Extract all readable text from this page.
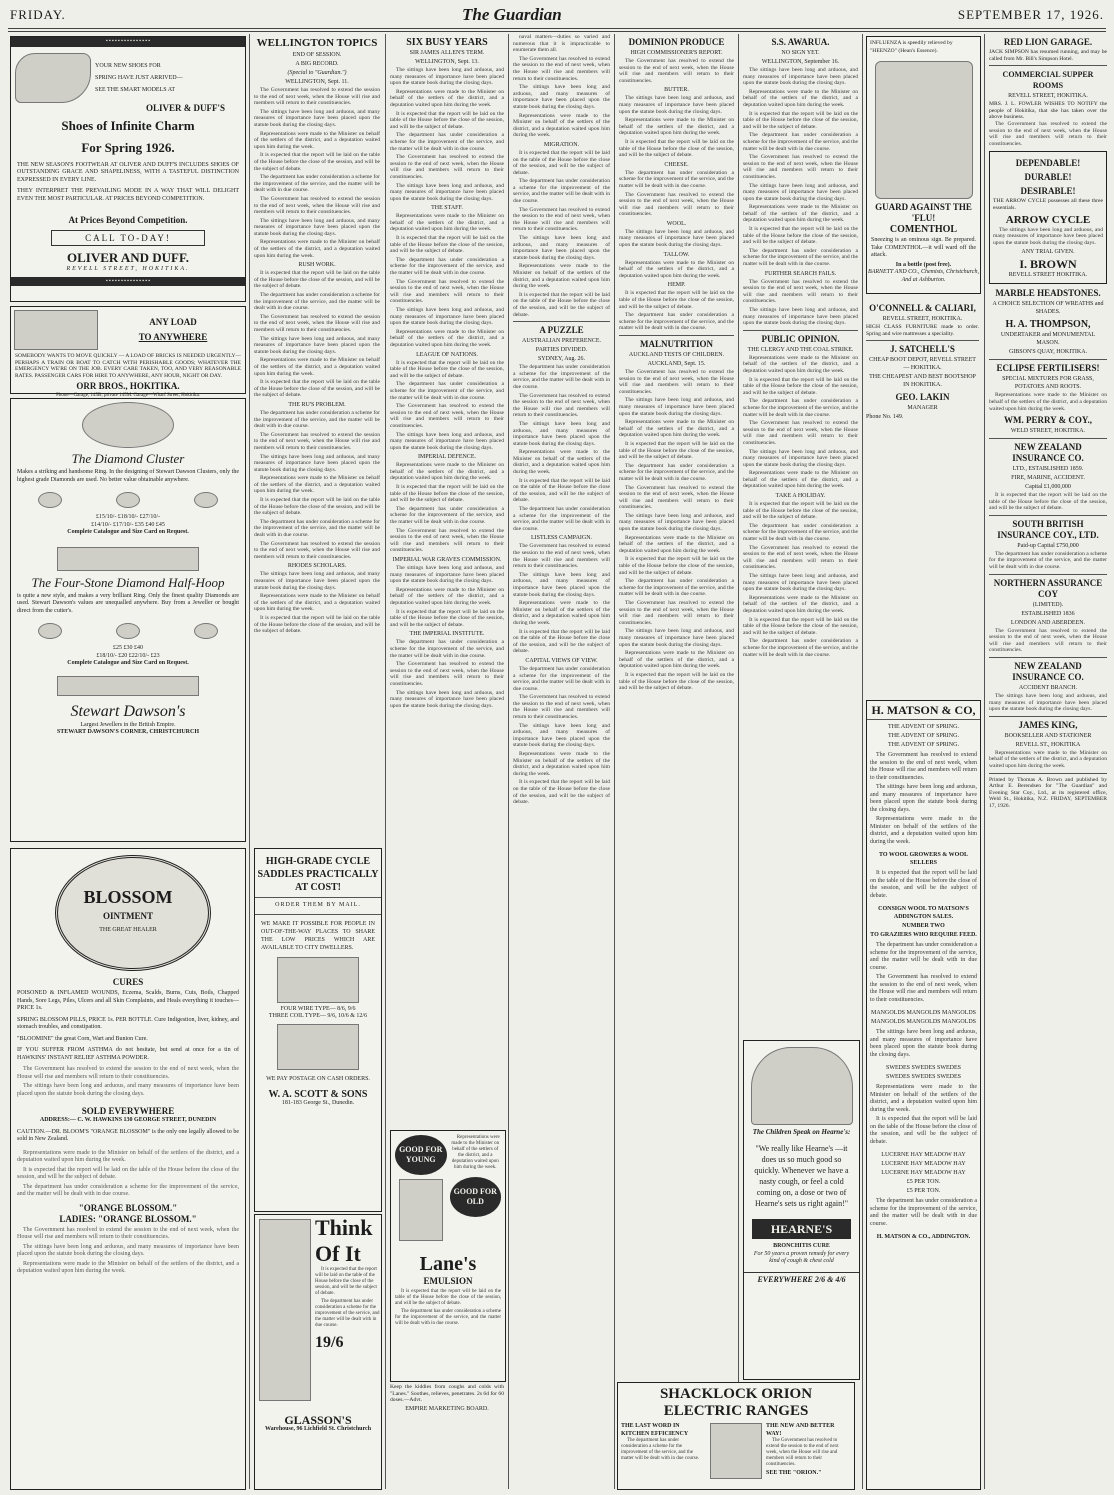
FRIDAY.	The Guardian	SEPTEMBER 17, 1926.
▪ ▪ ▪ ▪ ▪ ▪ ▪ ▪ ▪ ▪ ▪ ▪ ▪ ▪ ▪
YOUR NEW SHOES FOR
SPRING HAVE JUST ARRIVED—
SEE THE SMART MODELS AT
OLIVER & DUFF'S
Shoes of Infinite Charm
For Spring 1926.
THE NEW SEASON'S FOOTWEAR AT OLIVER AND DUFF'S INCLUDES SHOES OF OUTSTANDING GRACE AND SHAPELINESS, WITH A TASTEFUL DISTINCTION EXPRESSED IN EVERY LINE.
THEY INTERPRET THE PREVAILING MODE IN A WAY THAT WILL DELIGHT EVEN THE MOST PARTICULAR. AT PRICES BEYOND COMPETITION.
At Prices Beyond Competition.
CALL TO-DAY!
OLIVER AND DUFF.
REVELL STREET, HOKITIKA.
▪ ▪ ▪ ▪ ▪ ▪ ▪ ▪ ▪ ▪ ▪ ▪ ▪ ▪ ▪
ANY LOAD
TO ANYWHERE
SOMEBODY WANTS TO MOVE QUICKLY — A LOAD OF BRICKS IS NEEDED URGENTLY—PERHAPS A TRAIN OR BOAT TO CATCH WITH PERISHABLE GOODS; WHATEVER THE EMERGENCY WE'RE ON THE JOB. EVERY CARE TAKEN, TOO, AND VERY REASONABLE RATES. PASSENGER CARS FOR HIRE TO ANYWHERE, ANY HOUR, NIGHT OR DAY.
ORR BROS., HOKITIKA.
Phone—Garage, 145B; private 145M. Garage—Wharf Street, Hokitika.
The Diamond Cluster
Makes a striking and handsome Ring. In the designing of Stewart Dawson Clusters, only the highest grade Diamonds are used. No better value obtainable anywhere.
£15/10/- £18/10/- £27/10/-
£14/10/- £17/10/- £35 £40 £45
Complete Catalogue and Size Card on Request.
The Four-Stone Diamond Half-Hoop
is quite a new style, and makes a very brilliant Ring. Only the finest quality Diamonds are used. Stewart Dawson's values are unequalled anywhere. Buy from a Jeweller or bought direct from the cutter's.
£25 £30 £40
£18/10/- £20 £22/10/- £23
Complete Catalogue and Size Card on Request.
Stewart Dawson's
Largest Jewellers in the British Empire.
STEWART DAWSON'S CORNER, CHRISTCHURCH
BLOSSOM
OINTMENT
THE GREAT HEALER
CURES
POISONED & INFLAMED WOUNDS, Eczema, Scalds, Burns, Cuts, Boils, Chapped Hands, Sore Legs, Piles, Ulcers and all Skin Complaints, and Heals everything it touches—PRICE 1s.
SPRING BLOSSOM PILLS, PRICE 1s. PER BOTTLE. Cure Indigestion, liver, kidney, and stomach troubles, and constipation.
"BLOOMINE" the great Corn, Wart and Bunion Cure.
IF YOU SUFFER FROM ASTHMA do not hesitate, but send at once for a tin of HAWKINS' INSTANT RELIEF ASTHMA POWDER.

The Government has resolved to extend the session to the end of next week, when the House will rise and members will return to their constituencies.

The sittings have been long and arduous, and many measures of importance have been placed upon the statute book during the closing days.

SOLD EVERYWHERE
ADDRESS:— C. W. HAWKINS 130 GEORGE STREET, DUNEDIN
CAUTION.—DR. BLOOM'S "ORANGE BLOSSOM" is the only one legally allowed to be sold in New Zealand.

Representations were made to the Minister on behalf of the settlers of the district, and a deputation waited upon him during the week.

It is expected that the report will be laid on the table of the House before the close of the session, and will be the subject of debate.

The department has under consideration a scheme for the improvement of the service, and the matter will be dealt with in due course.

"ORANGE BLOSSOM."
LADIES: "ORANGE BLOSSOM."

The Government has resolved to extend the session to the end of next week, when the House will rise and members will return to their constituencies.

The sittings have been long and arduous, and many measures of importance have been placed upon the statute book during the closing days.

Representations were made to the Minister on behalf of the settlers of the district, and a deputation waited upon him during the week.

WELLINGTON TOPICS
END OF SESSION.
A BIG RECORD.
(Special to "Guardian.")
WELLINGTON, Sept. 11.

The Government has resolved to extend the session to the end of next week, when the House will rise and members will return to their constituencies.

The sittings have been long and arduous, and many measures of importance have been placed upon the statute book during the closing days.

Representations were made to the Minister on behalf of the settlers of the district, and a deputation waited upon him during the week.

It is expected that the report will be laid on the table of the House before the close of the session, and will be the subject of debate.

The department has under consideration a scheme for the improvement of the service, and the matter will be dealt with in due course.

The Government has resolved to extend the session to the end of next week, when the House will rise and members will return to their constituencies.

The sittings have been long and arduous, and many measures of importance have been placed upon the statute book during the closing days.

Representations were made to the Minister on behalf of the settlers of the district, and a deputation waited upon him during the week.

RUSH WORK.

It is expected that the report will be laid on the table of the House before the close of the session, and will be the subject of debate.

The department has under consideration a scheme for the improvement of the service, and the matter will be dealt with in due course.

The Government has resolved to extend the session to the end of next week, when the House will rise and members will return to their constituencies.

The sittings have been long and arduous, and many measures of importance have been placed upon the statute book during the closing days.

Representations were made to the Minister on behalf of the settlers of the district, and a deputation waited upon him during the week.

It is expected that the report will be laid on the table of the House before the close of the session, and will be the subject of debate.

THE RU'S PROBLEM.

The department has under consideration a scheme for the improvement of the service, and the matter will be dealt with in due course.

The Government has resolved to extend the session to the end of next week, when the House will rise and members will return to their constituencies.

The sittings have been long and arduous, and many measures of importance have been placed upon the statute book during the closing days.

Representations were made to the Minister on behalf of the settlers of the district, and a deputation waited upon him during the week.

It is expected that the report will be laid on the table of the House before the close of the session, and will be the subject of debate.

The department has under consideration a scheme for the improvement of the service, and the matter will be dealt with in due course.

The Government has resolved to extend the session to the end of next week, when the House will rise and members will return to their constituencies.

RHODES SCHOLARS.

The sittings have been long and arduous, and many measures of importance have been placed upon the statute book during the closing days.

Representations were made to the Minister on behalf of the settlers of the district, and a deputation waited upon him during the week.

It is expected that the report will be laid on the table of the House before the close of the session, and will be the subject of debate.

HIGH-GRADE CYCLE SADDLES PRACTICALLY AT COST!
ORDER THEM BY MAIL.
WE MAKE IT POSSIBLE FOR PEOPLE IN OUT-OF-THE-WAY PLACES TO SHARE THE LOW PRICES WHICH ARE AVAILABLE TO CITY DWELLERS.
FOUR WIRE TYPE— 8/6, 9/6
THREE COIL TYPE— 9/6, 10/6 & 12/6
WE PAY POSTAGE ON CASH ORDERS.
W. A. SCOTT & SONS
181-183 George St., Dunedin.
Think
Of It

It is expected that the report will be laid on the table of the House before the close of the session, and will be the subject of debate.

The department has under consideration a scheme for the improvement of the service, and the matter will be dealt with in due course.

19/6
GLASSON'S
Warehouse, 96 Lichfield St. Christchurch
SIX BUSY YEARS
SIR JAMES ALLEN'S TERM.
WELLINGTON, Sept. 13.

The sittings have been long and arduous, and many measures of importance have been placed upon the statute book during the closing days.

Representations were made to the Minister on behalf of the settlers of the district, and a deputation waited upon him during the week.

It is expected that the report will be laid on the table of the House before the close of the session, and will be the subject of debate.

The department has under consideration a scheme for the improvement of the service, and the matter will be dealt with in due course.

The Government has resolved to extend the session to the end of next week, when the House will rise and members will return to their constituencies.

The sittings have been long and arduous, and many measures of importance have been placed upon the statute book during the closing days.

THE STAFF.

Representations were made to the Minister on behalf of the settlers of the district, and a deputation waited upon him during the week.

It is expected that the report will be laid on the table of the House before the close of the session, and will be the subject of debate.

The department has under consideration a scheme for the improvement of the service, and the matter will be dealt with in due course.

The Government has resolved to extend the session to the end of next week, when the House will rise and members will return to their constituencies.

The sittings have been long and arduous, and many measures of importance have been placed upon the statute book during the closing days.

Representations were made to the Minister on behalf of the settlers of the district, and a deputation waited upon him during the week.

LEAGUE OF NATIONS.

It is expected that the report will be laid on the table of the House before the close of the session, and will be the subject of debate.

The department has under consideration a scheme for the improvement of the service, and the matter will be dealt with in due course.

The Government has resolved to extend the session to the end of next week, when the House will rise and members will return to their constituencies.

The sittings have been long and arduous, and many measures of importance have been placed upon the statute book during the closing days.

IMPERIAL DEFENCE.

Representations were made to the Minister on behalf of the settlers of the district, and a deputation waited upon him during the week.

It is expected that the report will be laid on the table of the House before the close of the session, and will be the subject of debate.

The department has under consideration a scheme for the improvement of the service, and the matter will be dealt with in due course.

The Government has resolved to extend the session to the end of next week, when the House will rise and members will return to their constituencies.

IMPERIAL WAR GRAVES COMMISSION.

The sittings have been long and arduous, and many measures of importance have been placed upon the statute book during the closing days.

Representations were made to the Minister on behalf of the settlers of the district, and a deputation waited upon him during the week.

It is expected that the report will be laid on the table of the House before the close of the session, and will be the subject of debate.

THE IMPERIAL INSTITUTE.

The department has under consideration a scheme for the improvement of the service, and the matter will be dealt with in due course.

The Government has resolved to extend the session to the end of next week, when the House will rise and members will return to their constituencies.

The sittings have been long and arduous, and many measures of importance have been placed upon the statute book during the closing days.

GOOD FOR YOUNG

Representations were made to the Minister on behalf of the settlers of the district, and a deputation waited upon him during the week.

GOOD FOR OLD
Lane's
EMULSION

It is expected that the report will be laid on the table of the House before the close of the session, and will be the subject of debate.

The department has under consideration a scheme for the improvement of the service, and the matter will be dealt with in due course.

Keep the kiddies from coughs and colds with "Lanes." Soothes, relieves, penetrates. 2s 6d for 60 doses.—Advt.
EMPIRE MARKETING BOARD.

naval matters—duties so varied and numerous that it is impracticable to enumerate them all.

The Government has resolved to extend the session to the end of next week, when the House will rise and members will return to their constituencies.

The sittings have been long and arduous, and many measures of importance have been placed upon the statute book during the closing days.

Representations were made to the Minister on behalf of the settlers of the district, and a deputation waited upon him during the week.

MIGRATION.

It is expected that the report will be laid on the table of the House before the close of the session, and will be the subject of debate.

The department has under consideration a scheme for the improvement of the service, and the matter will be dealt with in due course.

The Government has resolved to extend the session to the end of next week, when the House will rise and members will return to their constituencies.

The sittings have been long and arduous, and many measures of importance have been placed upon the statute book during the closing days.

Representations were made to the Minister on behalf of the settlers of the district, and a deputation waited upon him during the week.

It is expected that the report will be laid on the table of the House before the close of the session, and will be the subject of debate.

A PUZZLE
AUSTRALIAN PREFERENCE.
PARTIES DIVIDED.
SYDNEY, Aug. 26.

The department has under consideration a scheme for the improvement of the service, and the matter will be dealt with in due course.

The Government has resolved to extend the session to the end of next week, when the House will rise and members will return to their constituencies.

The sittings have been long and arduous, and many measures of importance have been placed upon the statute book during the closing days.

Representations were made to the Minister on behalf of the settlers of the district, and a deputation waited upon him during the week.

It is expected that the report will be laid on the table of the House before the close of the session, and will be the subject of debate.

The department has under consideration a scheme for the improvement of the service, and the matter will be dealt with in due course.

LISTLESS CAMPAIGN.

The Government has resolved to extend the session to the end of next week, when the House will rise and members will return to their constituencies.

The sittings have been long and arduous, and many measures of importance have been placed upon the statute book during the closing days.

Representations were made to the Minister on behalf of the settlers of the district, and a deputation waited upon him during the week.

It is expected that the report will be laid on the table of the House before the close of the session, and will be the subject of debate.

CAPITAL VIEWS OF VIEW.

The department has under consideration a scheme for the improvement of the service, and the matter will be dealt with in due course.

The Government has resolved to extend the session to the end of next week, when the House will rise and members will return to their constituencies.

The sittings have been long and arduous, and many measures of importance have been placed upon the statute book during the closing days.

Representations were made to the Minister on behalf of the settlers of the district, and a deputation waited upon him during the week.

It is expected that the report will be laid on the table of the House before the close of the session, and will be the subject of debate.

DOMINION PRODUCE
HIGH COMMISSIONER'S REPORT.

The Government has resolved to extend the session to the end of next week, when the House will rise and members will return to their constituencies.

BUTTER.

The sittings have been long and arduous, and many measures of importance have been placed upon the statute book during the closing days.

Representations were made to the Minister on behalf of the settlers of the district, and a deputation waited upon him during the week.

It is expected that the report will be laid on the table of the House before the close of the session, and will be the subject of debate.

CHEESE.

The department has under consideration a scheme for the improvement of the service, and the matter will be dealt with in due course.

The Government has resolved to extend the session to the end of next week, when the House will rise and members will return to their constituencies.

WOOL.

The sittings have been long and arduous, and many measures of importance have been placed upon the statute book during the closing days.

TALLOW.

Representations were made to the Minister on behalf of the settlers of the district, and a deputation waited upon him during the week.

HEMP.

It is expected that the report will be laid on the table of the House before the close of the session, and will be the subject of debate.

The department has under consideration a scheme for the improvement of the service, and the matter will be dealt with in due course.

MALNUTRITION
AUCKLAND TESTS OF CHILDREN.
AUCKLAND, Sept. 15.

The Government has resolved to extend the session to the end of next week, when the House will rise and members will return to their constituencies.

The sittings have been long and arduous, and many measures of importance have been placed upon the statute book during the closing days.

Representations were made to the Minister on behalf of the settlers of the district, and a deputation waited upon him during the week.

It is expected that the report will be laid on the table of the House before the close of the session, and will be the subject of debate.

The department has under consideration a scheme for the improvement of the service, and the matter will be dealt with in due course.

The Government has resolved to extend the session to the end of next week, when the House will rise and members will return to their constituencies.

The sittings have been long and arduous, and many measures of importance have been placed upon the statute book during the closing days.

Representations were made to the Minister on behalf of the settlers of the district, and a deputation waited upon him during the week.

It is expected that the report will be laid on the table of the House before the close of the session, and will be the subject of debate.

The department has under consideration a scheme for the improvement of the service, and the matter will be dealt with in due course.

The Government has resolved to extend the session to the end of next week, when the House will rise and members will return to their constituencies.

The sittings have been long and arduous, and many measures of importance have been placed upon the statute book during the closing days.

Representations were made to the Minister on behalf of the settlers of the district, and a deputation waited upon him during the week.

It is expected that the report will be laid on the table of the House before the close of the session, and will be the subject of debate.

SHACKLOCK ORION
ELECTRIC RANGES
THE LAST WORD IN KITCHEN EFFICIENCY

The department has under consideration a scheme for the improvement of the service, and the matter will be dealt with in due course.

THE NEW AND BETTER WAY!

The Government has resolved to extend the session to the end of next week, when the House will rise and members will return to their constituencies.

SEE THE "ORION."
S.S. AWARUA.
NO SIGN YET.
WELLINGTON, September 16.

The sittings have been long and arduous, and many measures of importance have been placed upon the statute book during the closing days.

Representations were made to the Minister on behalf of the settlers of the district, and a deputation waited upon him during the week.

It is expected that the report will be laid on the table of the House before the close of the session, and will be the subject of debate.

The department has under consideration a scheme for the improvement of the service, and the matter will be dealt with in due course.

The Government has resolved to extend the session to the end of next week, when the House will rise and members will return to their constituencies.

The sittings have been long and arduous, and many measures of importance have been placed upon the statute book during the closing days.

Representations were made to the Minister on behalf of the settlers of the district, and a deputation waited upon him during the week.

It is expected that the report will be laid on the table of the House before the close of the session, and will be the subject of debate.

The department has under consideration a scheme for the improvement of the service, and the matter will be dealt with in due course.

FURTHER SEARCH FAILS.

The Government has resolved to extend the session to the end of next week, when the House will rise and members will return to their constituencies.

The sittings have been long and arduous, and many measures of importance have been placed upon the statute book during the closing days.

PUBLIC OPINION.
THE CLERGY AND THE COAL STRIKE.

Representations were made to the Minister on behalf of the settlers of the district, and a deputation waited upon him during the week.

It is expected that the report will be laid on the table of the House before the close of the session, and will be the subject of debate.

The department has under consideration a scheme for the improvement of the service, and the matter will be dealt with in due course.

The Government has resolved to extend the session to the end of next week, when the House will rise and members will return to their constituencies.

The sittings have been long and arduous, and many measures of importance have been placed upon the statute book during the closing days.

Representations were made to the Minister on behalf of the settlers of the district, and a deputation waited upon him during the week.

TAKE A HOLIDAY.

It is expected that the report will be laid on the table of the House before the close of the session, and will be the subject of debate.

The department has under consideration a scheme for the improvement of the service, and the matter will be dealt with in due course.

The Government has resolved to extend the session to the end of next week, when the House will rise and members will return to their constituencies.

The sittings have been long and arduous, and many measures of importance have been placed upon the statute book during the closing days.

Representations were made to the Minister on behalf of the settlers of the district, and a deputation waited upon him during the week.

It is expected that the report will be laid on the table of the House before the close of the session, and will be the subject of debate.

The department has under consideration a scheme for the improvement of the service, and the matter will be dealt with in due course.

The Children Speak on Hearne's:
"We really like Hearne's —it does us so much good so quickly. Whenever we have a nasty cough, or feel a cold coming on, a dose or two of Hearne's sets us right again!"
HEARNE'S
BRONCHITIS CURE
For 50 years a proven remedy for every kind of cough & chest cold
EVERYWHERE 2/6 & 4/6
INFLUENZA is speedily relieved by "HEENZO" (Hean's Essence).
GUARD AGAINST THE 'FLU!
COMENTHOL
Sneezing is an ominous sign. Be prepared. Take COMENTHOL—it will ward off the attack.
In a bottle (post free).
BARNETT AND CO., Chemists, Christchurch, And at Ashburton.
O'CONNELL & CALIARI,
REVELL STREET, HOKITIKA.
HIGH CLASS FURNITURE made to order. Spring and wire mattresses a speciality.
J. SATCHELL'S
CHEAP BOOT DEPOT, REVELL STREET — HOKITIKA.
THE CHEAPEST AND BEST BOOTSHOP IN HOKITIKA.
GEO. LAKIN
MANAGER
Phone No. 149.
H. MATSON & CO,
THE ADVENT OF SPRING.
THE ADVENT OF SPRING.
THE ADVENT OF SPRING.

The Government has resolved to extend the session to the end of next week, when the House will rise and members will return to their constituencies.

The sittings have been long and arduous, and many measures of importance have been placed upon the statute book during the closing days.

Representations were made to the Minister on behalf of the settlers of the district, and a deputation waited upon him during the week.

TO WOOL GROWERS & WOOL SELLERS

It is expected that the report will be laid on the table of the House before the close of the session, and will be the subject of debate.

CONSIGN WOOL TO MATSON'S ADDINGTON SALES.
NUMBER TWO
TO GRAZIERS WHO REQUIRE FEED.

The department has under consideration a scheme for the improvement of the service, and the matter will be dealt with in due course.

The Government has resolved to extend the session to the end of next week, when the House will rise and members will return to their constituencies.

MANGOLDS MANGOLDS MANGOLDS
MANGOLDS MANGOLDS MANGOLDS

The sittings have been long and arduous, and many measures of importance have been placed upon the statute book during the closing days.

SWEDES SWEDES SWEDES
SWEDES SWEDES SWEDES

Representations were made to the Minister on behalf of the settlers of the district, and a deputation waited upon him during the week.

It is expected that the report will be laid on the table of the House before the close of the session, and will be the subject of debate.

LUCERNE HAY MEADOW HAY
LUCERNE HAY MEADOW HAY
LUCERNE HAY MEADOW HAY
£5 PER TON.
£5 PER TON.

The department has under consideration a scheme for the improvement of the service, and the matter will be dealt with in due course.

H. MATSON & CO., ADDINGTON.
RED LION GARAGE.
JACK SIMPSON has resumed running, and may be called from Mr. Bill's Simpson Hotel.
COMMERCIAL SUPPER ROOMS
REVELL STREET, HOKITIKA.
MRS. J. L. FOWLER WISHES TO NOTIFY the people of Hokitika, that she has taken over the above business.

The Government has resolved to extend the session to the end of next week, when the House will rise and members will return to their constituencies.

DEPENDABLE!
DURABLE!
DESIRABLE!
THE ARROW CYCLE possesses all these three essentials.
ARROW CYCLE

The sittings have been long and arduous, and many measures of importance have been placed upon the statute book during the closing days.

ANY TRIAL GIVEN.
I. BROWN
REVELL STREET HOKITIKA.
MARBLE HEADSTONES.
A CHOICE SELECTION OF WREATHS and SHADES.
H. A. THOMPSON,
UNDERTAKER and MONUMENTAL MASON.
GIBSON'S QUAY, HOKITIKA.
ECLIPSE FERTILISERS!
SPECIAL MIXTURES FOR GRASS, POTATOES AND ROOTS.

Representations were made to the Minister on behalf of the settlers of the district, and a deputation waited upon him during the week.

WM. PERRY & COY.,
WELD STREET, HOKITIKA.
NEW ZEALAND INSURANCE CO.
LTD., ESTABLISHED 1859.
FIRE, MARINE, ACCIDENT.
Capital £1,000,000

It is expected that the report will be laid on the table of the House before the close of the session, and will be the subject of debate.

SOUTH BRITISH INSURANCE COY., LTD.
Paid-up Capital £750,000

The department has under consideration a scheme for the improvement of the service, and the matter will be dealt with in due course.

NORTHERN ASSURANCE COY
(LIMITED).
ESTABLISHED 1836
LONDON AND ABERDEEN.

The Government has resolved to extend the session to the end of next week, when the House will rise and members will return to their constituencies.

NEW ZEALAND INSURANCE CO.
ACCIDENT BRANCH.

The sittings have been long and arduous, and many measures of importance have been placed upon the statute book during the closing days.

JAMES KING,
BOOKSELLER AND STATIONER
REVELL ST., HOKITIKA

Representations were made to the Minister on behalf of the settlers of the district, and a deputation waited upon him during the week.

Printed by Thomas A. Brown and published by Arthur E. Berendsen for "The Guardian" and Evening Star Coy., Ltd., at its registered office, Weld St., Hokitika, N.Z. FRIDAY, SEPTEMBER 17, 1926.
